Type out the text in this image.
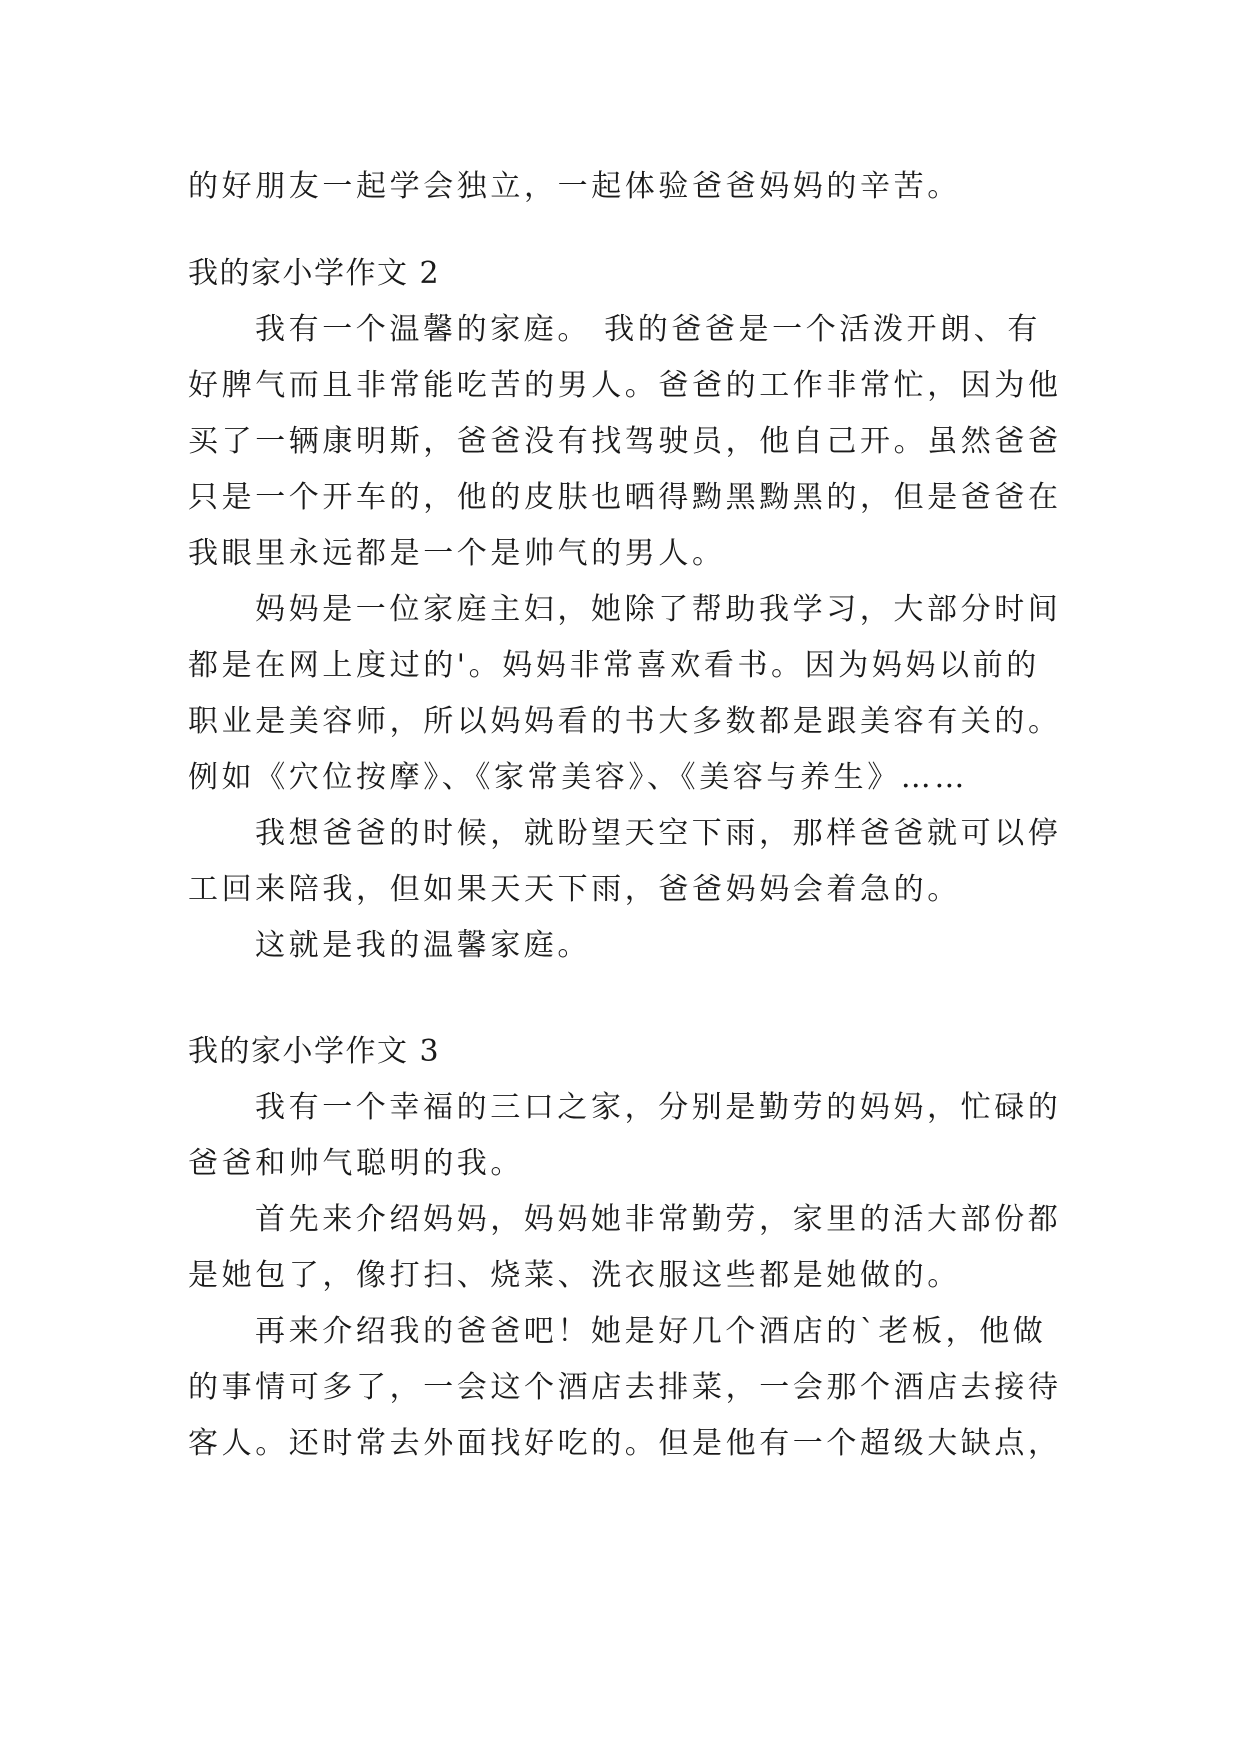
的好朋友一起学会独立，一起体验爸爸妈妈的辛苦。
我的家小学作文 2
我有一个温馨的家庭。 我的爸爸是一个活泼开朗、有
好脾气而且非常能吃苦的男人。爸爸的工作非常忙，因为他
买了一辆康明斯，爸爸没有找驾驶员，他自己开。虽然爸爸
只是一个开车的，他的皮肤也晒得黝黑黝黑的，但是爸爸在
我眼里永远都是一个是帅气的男人。
妈妈是一位家庭主妇，她除了帮助我学习，大部分时间
都是在网上度过的'。妈妈非常喜欢看书。因为妈妈以前的
职业是美容师，所以妈妈看的书大多数都是跟美容有关的。
例如《穴位按摩》、《家常美容》、《美容与养生》……
我想爸爸的时候，就盼望天空下雨，那样爸爸就可以停
工回来陪我，但如果天天下雨，爸爸妈妈会着急的。
这就是我的温馨家庭。
我的家小学作文 3
我有一个幸福的三口之家，分别是勤劳的妈妈，忙碌的
爸爸和帅气聪明的我。
首先来介绍妈妈，妈妈她非常勤劳，家里的活大部份都
是她包了，像打扫、烧菜、洗衣服这些都是她做的。
再来介绍我的爸爸吧！她是好几个酒店的`老板，他做
的事情可多了，一会这个酒店去排菜，一会那个酒店去接待
客人。还时常去外面找好吃的。但是他有一个超级大缺点，
